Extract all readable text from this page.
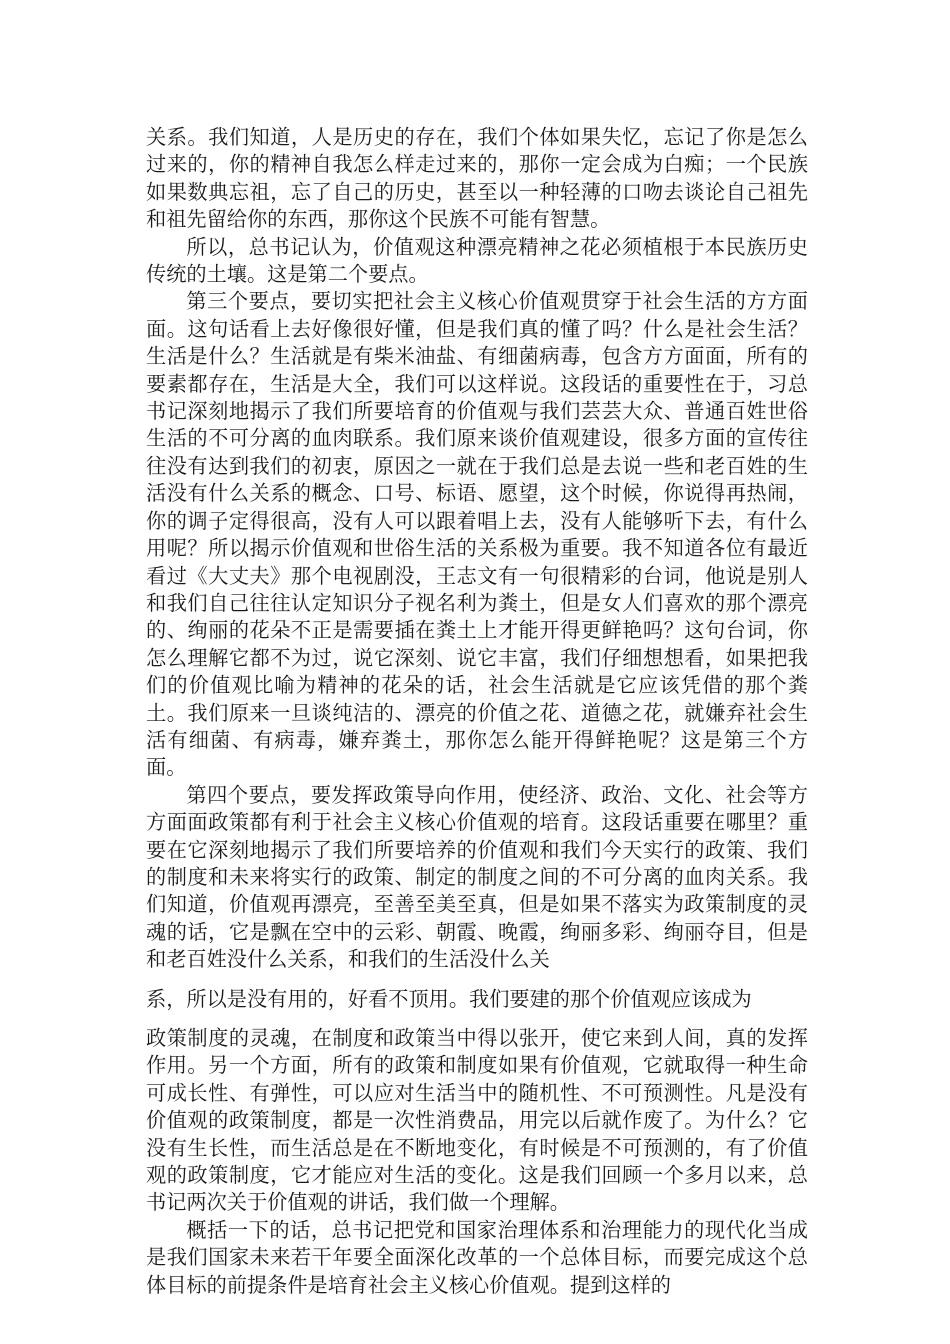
关系。我们知道，人是历史的存在，我们个体如果失忆，忘记了你是怎么过来的，你的精神自我怎么样走过来的，那你一定会成为白痴；一个民族如果数典忘祖，忘了自己的历史，甚至以一种轻薄的口吻去谈论自己祖先和祖先留给你的东西，那你这个民族不可能有智慧。

所以，总书记认为，价值观这种漂亮精神之花必须植根于本民族历史传统的土壤。这是第二个要点。

第三个要点，要切实把社会主义核心价值观贯穿于社会生活的方方面面。这句话看上去好像很好懂，但是我们真的懂了吗？什么是社会生活？生活是什么？生活就是有柴米油盐、有细菌病毒，包含方方面面，所有的要素都存在，生活是大全，我们可以这样说。这段话的重要性在于，习总书记深刻地揭示了我们所要培育的价值观与我们芸芸大众、普通百姓世俗生活的不可分离的血肉联系。我们原来谈价值观建设，很多方面的宣传往往没有达到我们的初衷，原因之一就在于我们总是去说一些和老百姓的生活没有什么关系的概念、口号、标语、愿望，这个时候，你说得再热闹，你的调子定得很高，没有人可以跟着唱上去，没有人能够听下去，有什么用呢？所以揭示价值观和世俗生活的关系极为重要。我不知道各位有最近看过《大丈夫》那个电视剧没，王志文有一句很精彩的台词，他说是别人和我们自己往往认定知识分子视名利为粪土，但是女人们喜欢的那个漂亮的、绚丽的花朵不正是需要插在粪土上才能开得更鲜艳吗？这句台词，你怎么理解它都不为过，说它深刻、说它丰富，我们仔细想想看，如果把我们的价值观比喻为精神的花朵的话，社会生活就是它应该凭借的那个粪土。我们原来一旦谈纯洁的、漂亮的价值之花、道德之花，就嫌弃社会生活有细菌、有病毒，嫌弃粪土，那你怎么能开得鲜艳呢？这是第三个方面。

第四个要点，要发挥政策导向作用，使经济、政治、文化、社会等方方面面政策都有利于社会主义核心价值观的培育。这段话重要在哪里？重要在它深刻地揭示了我们所要培养的价值观和我们今天实行的政策、我们的制度和未来将实行的政策、制定的制度之间的不可分离的血肉关系。我们知道，价值观再漂亮，至善至美至真，但是如果不落实为政策制度的灵魂的话，它是飘在空中的云彩、朝霞、晚霞，绚丽多彩、绚丽夺目，但是和老百姓没什么关系，和我们的生活没什么关

系，所以是没有用的，好看不顶用。我们要建的那个价值观应该成为

政策制度的灵魂，在制度和政策当中得以张开，使它来到人间，真的发挥作用。另一个方面，所有的政策和制度如果有价值观，它就取得一种生命可成长性、有弹性，可以应对生活当中的随机性、不可预测性。凡是没有价值观的政策制度，都是一次性消费品，用完以后就作废了。为什么？它没有生长性，而生活总是在不断地变化，有时候是不可预测的，有了价值观的政策制度，它才能应对生活的变化。这是我们回顾一个多月以来，总书记两次关于价值观的讲话，我们做一个理解。

概括一下的话，总书记把党和国家治理体系和治理能力的现代化当成是我们国家未来若干年要全面深化改革的一个总体目标，而要完成这个总体目标的前提条件是培育社会主义核心价值观。提到这样的
